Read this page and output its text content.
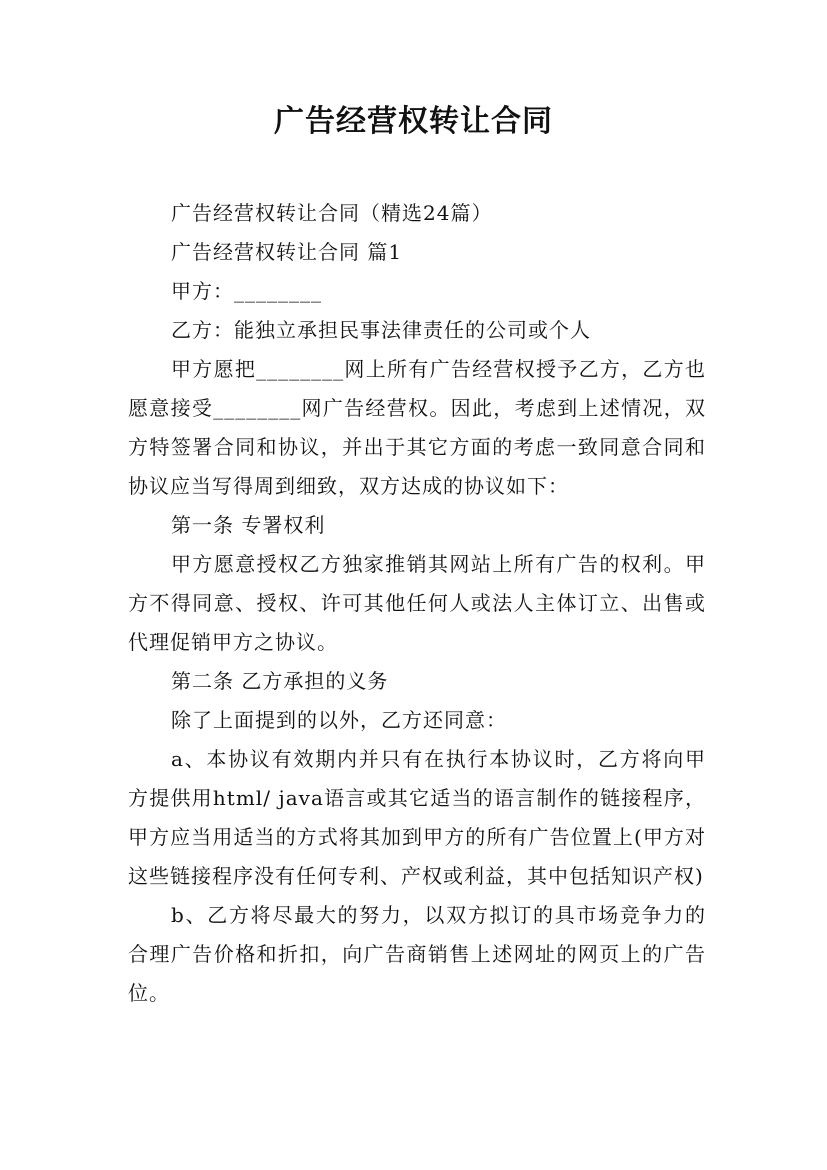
广告经营权转让合同

广告经营权转让合同（精选24篇）

广告经营权转让合同 篇1

甲方：________

乙方：能独立承担民事法律责任的公司或个人

甲方愿把________网上所有广告经营权授予乙方，乙方也愿意接受________网广告经营权。因此，考虑到上述情况，双方特签署合同和协议，并出于其它方面的考虑一致同意合同和协议应当写得周到细致，双方达成的协议如下：

第一条 专署权利

甲方愿意授权乙方独家推销其网站上所有广告的权利。甲方不得同意、授权、许可其他任何人或法人主体订立、出售或代理促销甲方之协议。

第二条 乙方承担的义务

除了上面提到的以外，乙方还同意：

a、本协议有效期内并只有在执行本协议时，乙方将向甲方提供用html/ java语言或其它适当的语言制作的链接程序，甲方应当用适当的方式将其加到甲方的所有广告位置上(甲方对这些链接程序没有任何专利、产权或利益，其中包括知识产权)

b、乙方将尽最大的努力，以双方拟订的具市场竞争力的合理广告价格和折扣，向广告商销售上述网址的网页上的广告位。
